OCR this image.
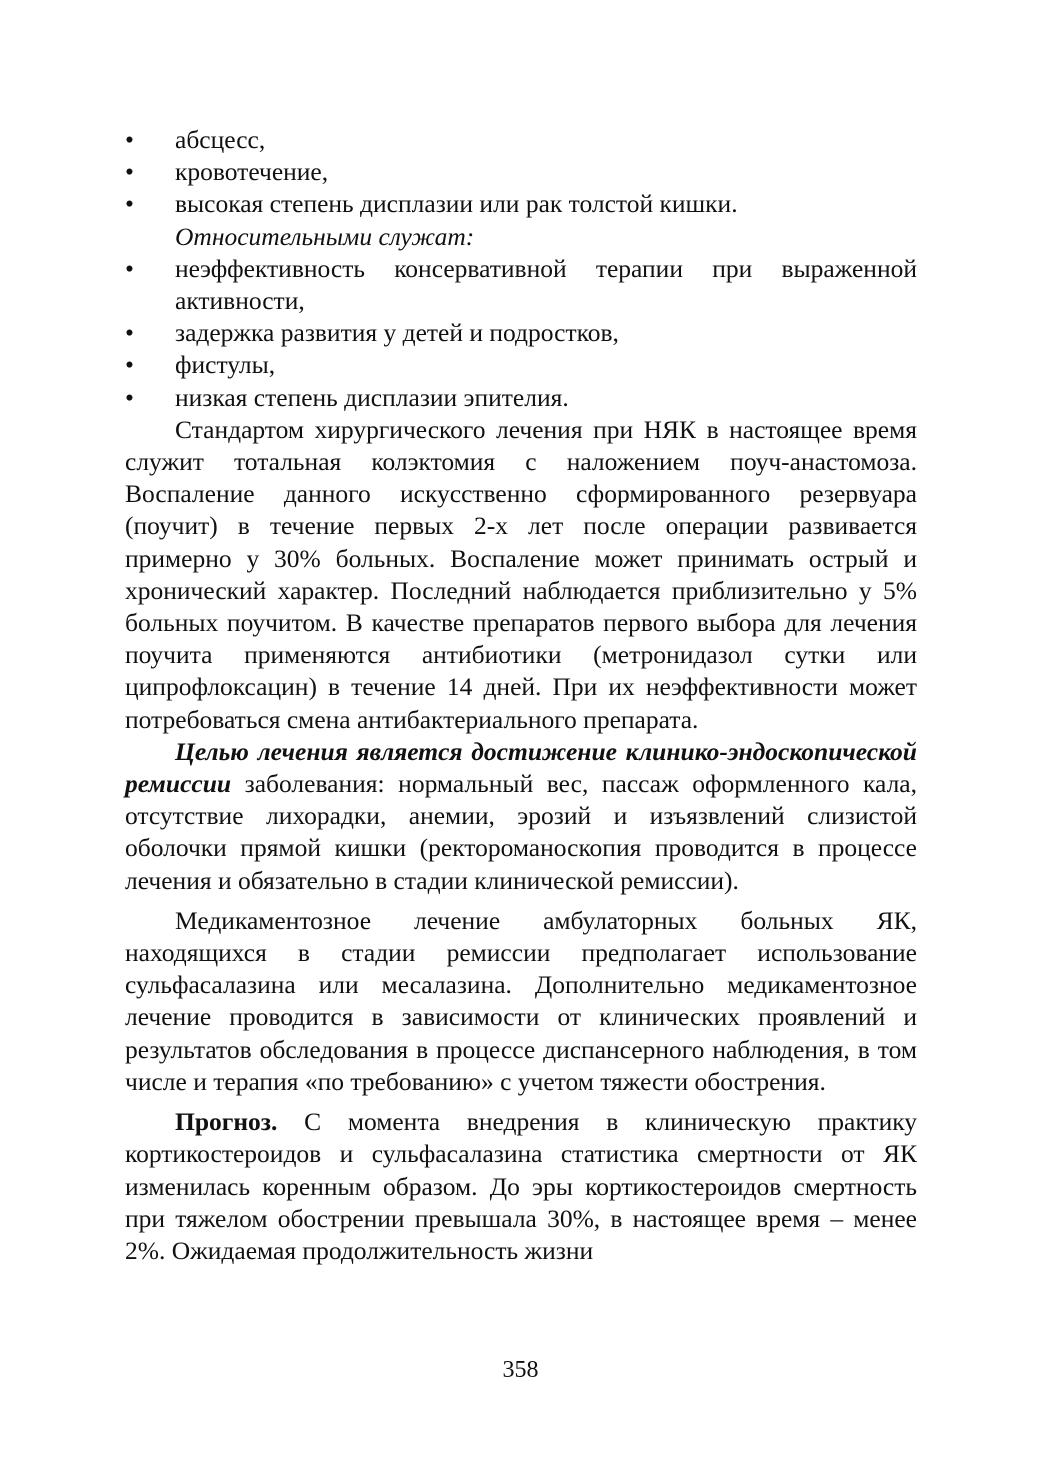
• абсцесс,
• кровотечение,
• высокая степень дисплазии или рак толстой кишки.
Относительными служат:
• неэффективность консервативной терапии при выраженной активности,
• задержка развития у детей и подростков,
• фистулы,
• низкая степень дисплазии эпителия.

Стандартом хирургического лечения при НЯК в настоящее время служит тотальная колэктомия с наложением поуч-анастомоза. Воспаление данного искусственно сформированного резервуара (поучит) в течение первых 2-х лет после операции развивается примерно у 30% больных. Воспаление может принимать острый и хронический характер. Последний наблюдается приблизительно у 5% больных поучитом. В качестве препаратов первого выбора для лечения поучита применяются антибиотики (метронидазол сутки или ципрофлоксацин) в течение 14 дней. При их неэффективности может потребоваться смена антибактериального препарата.

Целью лечения является достижение клинико-эндоскопической ремиссии заболевания: нормальный вес, пассаж оформленного кала, отсутствие лихорадки, анемии, эрозий и изъязвлений слизистой оболочки прямой кишки (ректороманоскопия проводится в процессе лечения и обязательно в стадии клинической ремиссии).

Медикаментозное лечение амбулаторных больных ЯК, находящихся в стадии ремиссии предполагает использование сульфасалазина или месалазина. Дополнительно медикаментозное лечение проводится в зависимости от клинических проявлений и результатов обследования в процессе диспансерного наблюдения, в том числе и терапия «по требованию» с учетом тяжести обострения.

Прогноз. С момента внедрения в клиническую практику кортикостероидов и сульфасалазина статистика смертности от ЯК изменилась коренным образом. До эры кортикостероидов смертность при тяжелом обострении превышала 30%, в настоящее время – менее 2%. Ожидаемая продолжительность жизни

358
